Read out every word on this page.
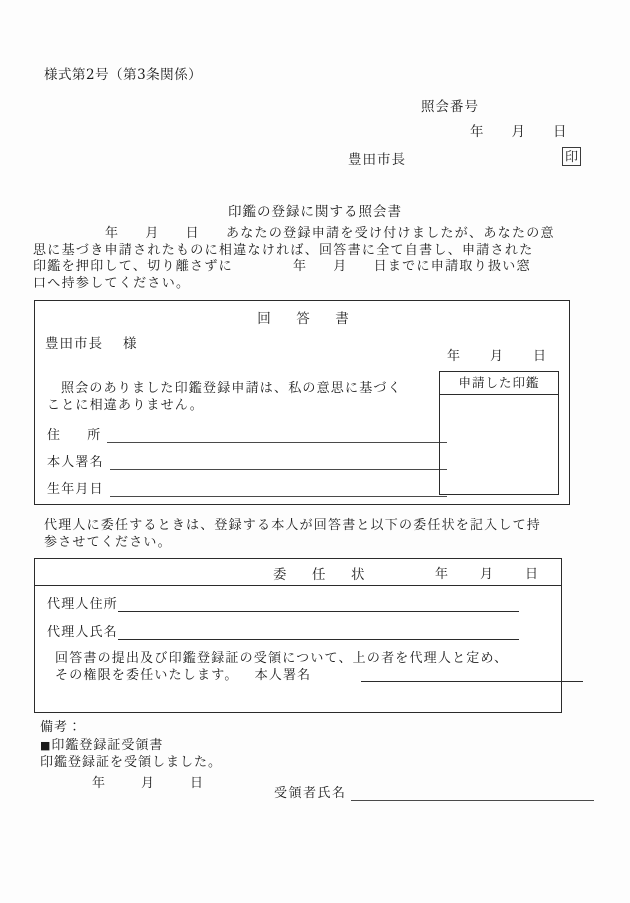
様式第2号（第3条関係）
照会番号
年 月 日
豊田市長	印
印鑑の登録に関する照会書
年 月 日 あなたの登録申請を受け付けましたが、あなたの意
思に基づき申請されたものに相違なければ、回答書に全て自書し、申請された
印鑑を押印して、切り離さずに	年 月 日までに申請取り扱い窓
口へ持参してください。
回　答　書
豊田市長 様
年 月 日
照会のありました印鑑登録申請は、私の意思に基づく
ことに相違ありません。
住 所
本人署名
生年月日
申請した印鑑
代理人に委任するときは、登録する本人が回答書と以下の委任状を記入して持
参させてください。
委　任　状	年 月 日
代理人住所
代理人氏名
回答書の提出及び印鑑登録証の受領について、上の者を代理人と定め、
その権限を委任いたします。 本人署名
備考：
■印鑑登録証受領書
印鑑登録証を受領しました。
年	月	日
受領者氏名
